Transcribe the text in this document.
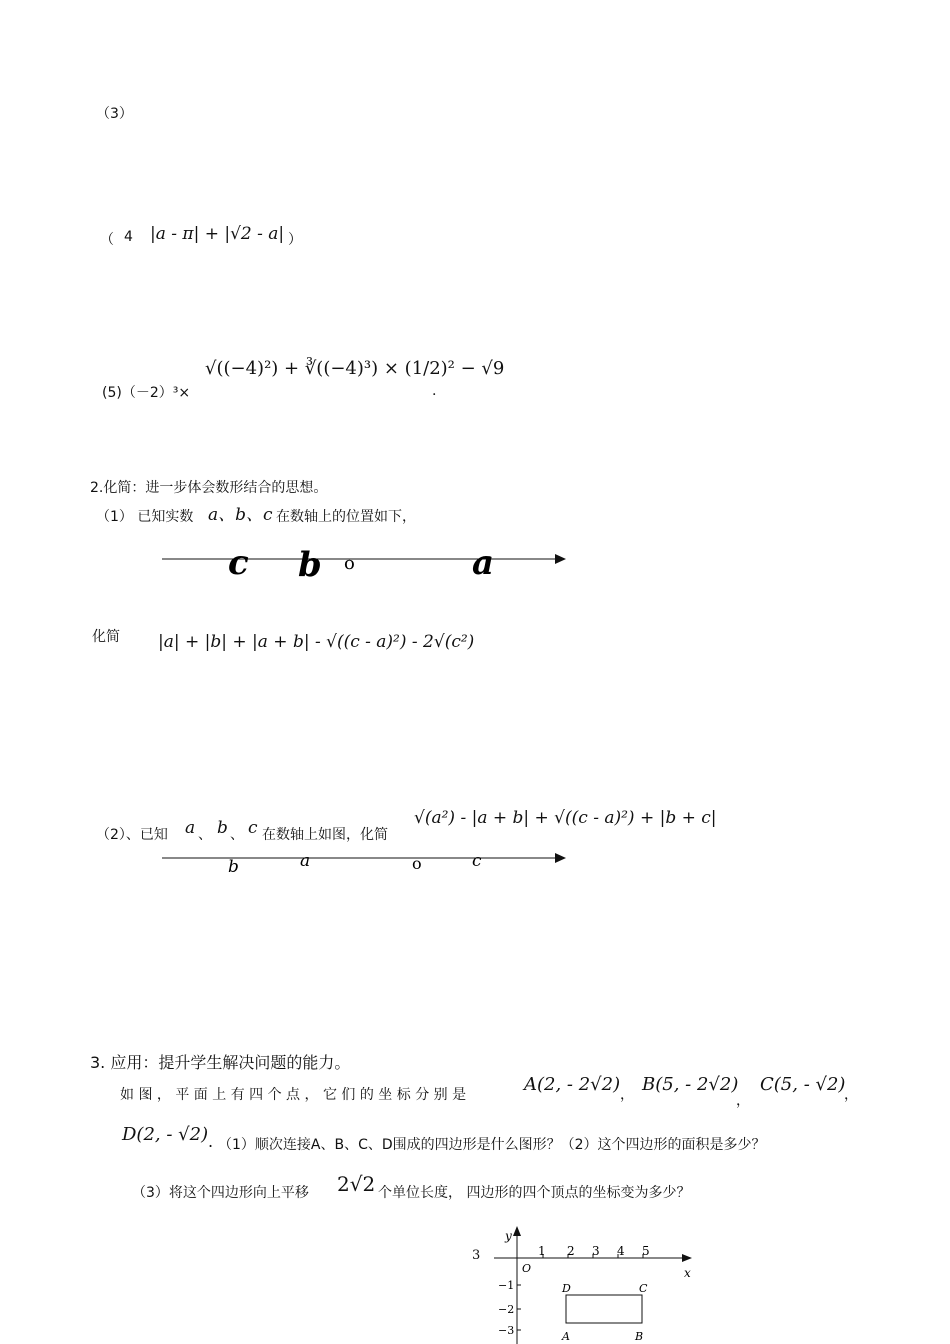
（3）
（ 4 |a - π| + |√2 - a| ）
(5)（－2）³×
√((−4)²) + ∛((−4)³) × (1/2)² − √9
.
2.化简：进一步体会数形结合的思想。
（1） 已知实数 a、b、c 在数轴上的位置如下，
c b o	a
化简 |a| + |b| + |a + b| - √((c - a)²) - 2√(c²)
（2）、已知 a 、 b 、 c 在数轴上如图，化简
√(a²) - |a + b| + √((c - a)²) + |b + c|
b	a	o	c
3. 应用：提升学生解决问题的能力。
如 图 ， 平 面 上 有 四 个 点 ， 它 们 的 坐 标 分 别 是	A(2, - 2√2) ， B(5, - 2√2)
，
C(5, - √2)
，
D(2, - √2) . （1）顺次连接A、B、C、D围成的四边形是什么图形？（2）这个四边形的面积是多少？
（3）将这个四边形向上平移 2√2 个单位长度， 四边形的四个顶点的坐标变为多少？
3
y
x
O
1 2 3 4 5
−1
−2
−3
D	C
A	B
